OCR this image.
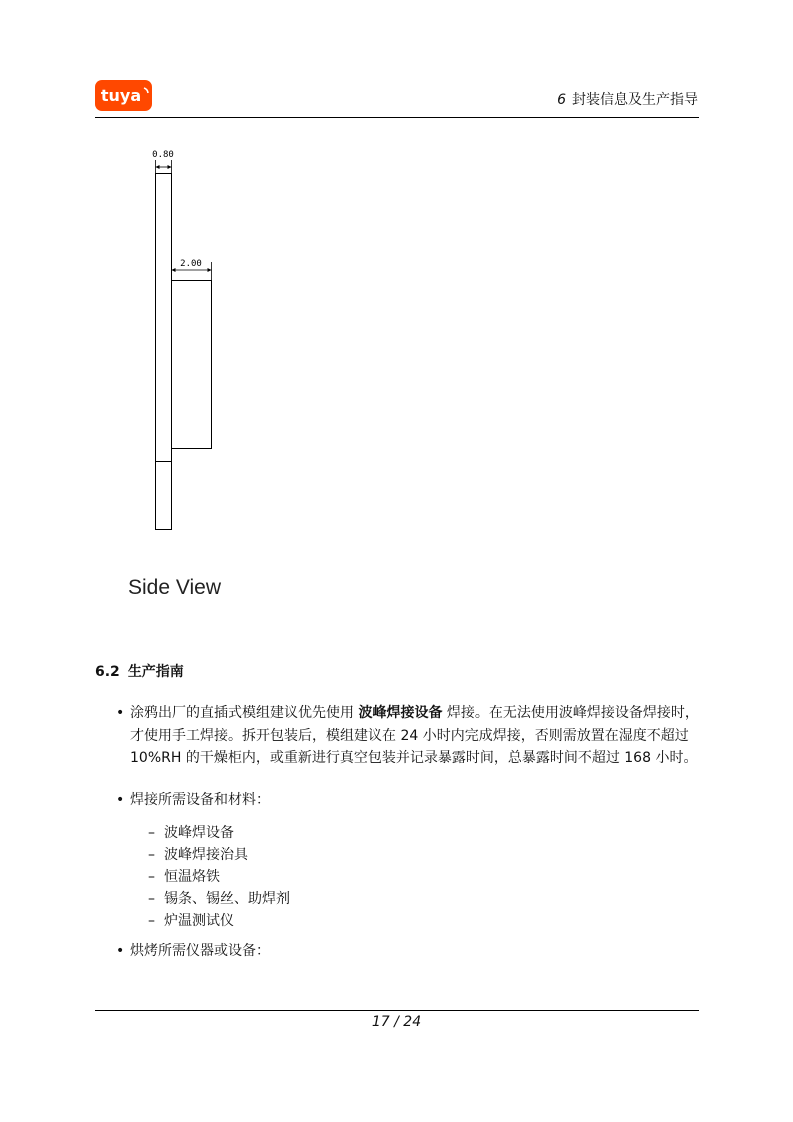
tuya	6 封装信息及生产指导
0.80
2.00
Side View
6.2 生产指南
• 涂鸦出厂的直插式模组建议优先使用 波峰焊接设备 焊接。在无法使用波峰焊接设备焊接时，才使用手工焊接。拆开包装后，模组建议在 24 小时内完成焊接，否则需放置在湿度不超过 10%RH 的干燥柜内，或重新进行真空包装并记录暴露时间，总暴露时间不超过 168 小时。
• 焊接所需设备和材料：
– 波峰焊设备
– 波峰焊接治具
– 恒温烙铁
– 锡条、锡丝、助焊剂
– 炉温测试仪
• 烘烤所需仪器或设备：
17 / 24
